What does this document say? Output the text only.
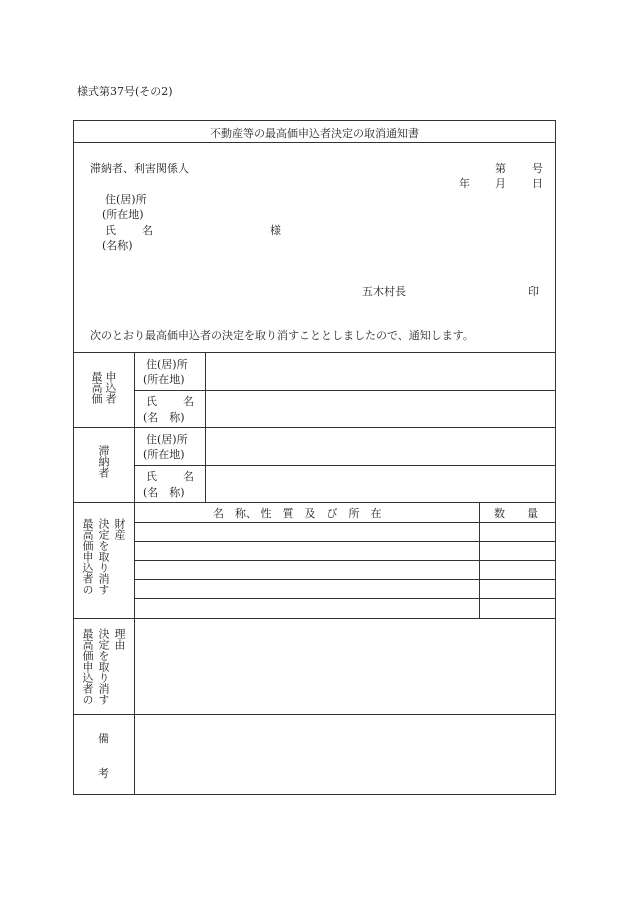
様式第37号(その2)
不動産等の最高価申込者決定の取消通知書
滞納者、利害関係人	第 号
年 月 日
住(居)所
(所在地)
氏 名	様
(名称)
五木村長	印
次のとおり最高価申込者の決定を取り消すこととしましたので、通知します。
最高価 申込者
住(居)所
(所在地)
氏 名
(名　称)
滞納者
住(居)所
(所在地)
氏 名
(名　称)
最高価申込者の 決定を取り消す 財産
名　称、 性　質　及　び　所　在	数　　量
最高価申込者の 決定を取り消す 理由
備
考
